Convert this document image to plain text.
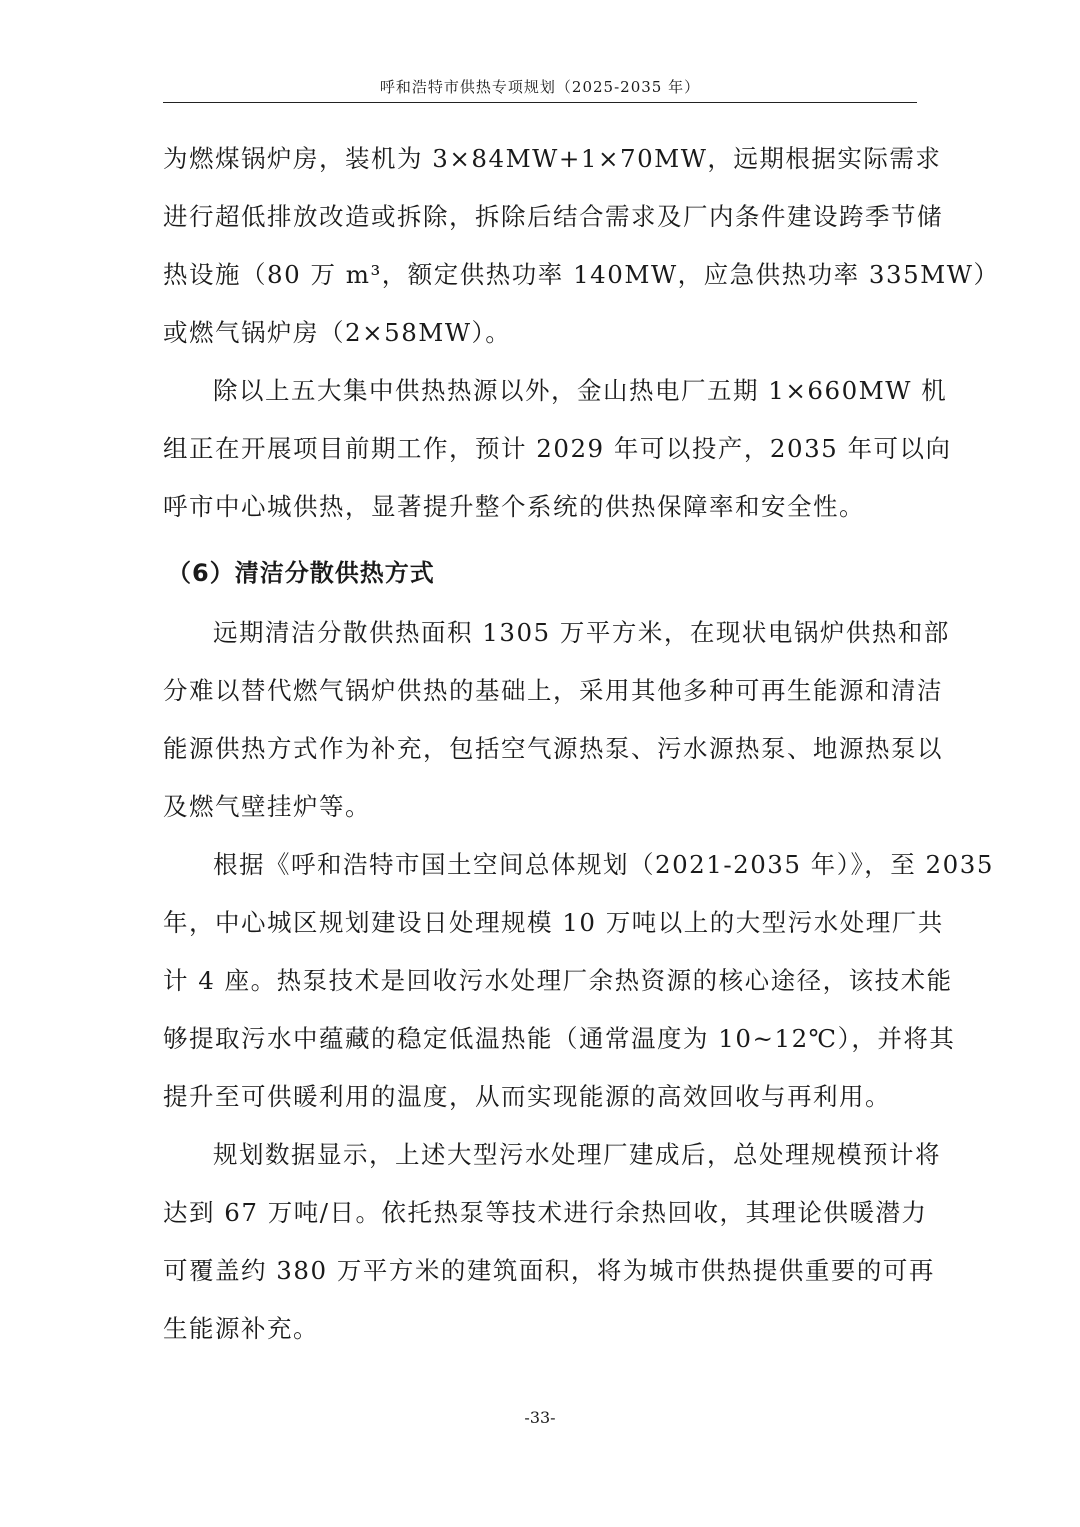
呼和浩特市供热专项规划（2025-2035 年）
为燃煤锅炉房，装机为 3×84MW+1×70MW，远期根据实际需求
进行超低排放改造或拆除，拆除后结合需求及厂内条件建设跨季节储
热设施（80 万 m³，额定供热功率 140MW，应急供热功率 335MW）
或燃气锅炉房（2×58MW）。
除以上五大集中供热热源以外，金山热电厂五期 1×660MW 机
组正在开展项目前期工作，预计 2029 年可以投产，2035 年可以向
呼市中心城供热，显著提升整个系统的供热保障率和安全性。
（6）清洁分散供热方式
远期清洁分散供热面积 1305 万平方米，在现状电锅炉供热和部
分难以替代燃气锅炉供热的基础上，采用其他多种可再生能源和清洁
能源供热方式作为补充，包括空气源热泵、污水源热泵、地源热泵以
及燃气壁挂炉等。
根据《呼和浩特市国土空间总体规划（2021-2035 年）》，至 2035
年，中心城区规划建设日处理规模 10 万吨以上的大型污水处理厂共
计 4 座。热泵技术是回收污水处理厂余热资源的核心途径，该技术能
够提取污水中蕴藏的稳定低温热能（通常温度为 10~12℃），并将其
提升至可供暖利用的温度，从而实现能源的高效回收与再利用。
规划数据显示，上述大型污水处理厂建成后，总处理规模预计将
达到 67 万吨/日。依托热泵等技术进行余热回收，其理论供暖潜力
可覆盖约 380 万平方米的建筑面积，将为城市供热提供重要的可再
生能源补充。
-33-
